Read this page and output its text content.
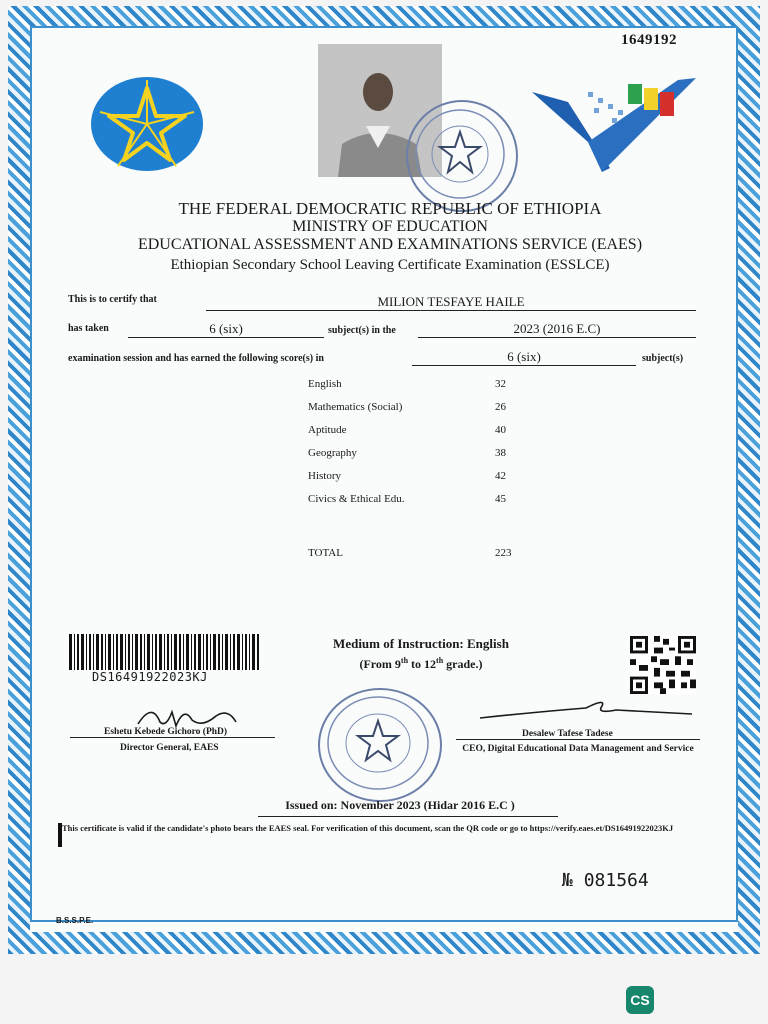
1649192
THE FEDERAL DEMOCRATIC REPUBLIC OF ETHIOPIA
MINISTRY OF EDUCATION
EDUCATIONAL ASSESSMENT AND EXAMINATIONS SERVICE (EAES)
Ethiopian Secondary School Leaving Certificate Examination (ESSLCE)
This is to certify that	MILION TESFAYE HAILE
has taken	6 (six)	subject(s) in the	2023 (2016 E.C)
examination session and has earned the following score(s) in	6 (six)	subject(s)
English	32
Mathematics (Social)	26
Aptitude	40
Geography	38
History	42
Civics & Ethical Edu.	45
TOTAL	223
DS16491922023KJ
Medium of Instruction: English
(From 9th to 12th grade.)
Eshetu Kebede Gichoro (PhD)
Director General, EAES
Desalew Tafese Tadese
CEO, Digital Educational Data Management and Service
Issued on: November 2023 (Hidar 2016 E.C )
This certificate is valid if the candidate's photo bears the EAES seal. For verification of this document, scan the QR code or go to https://verify.eaes.et/DS16491922023KJ
№ 081564
B.S.S.P.E.
CS
